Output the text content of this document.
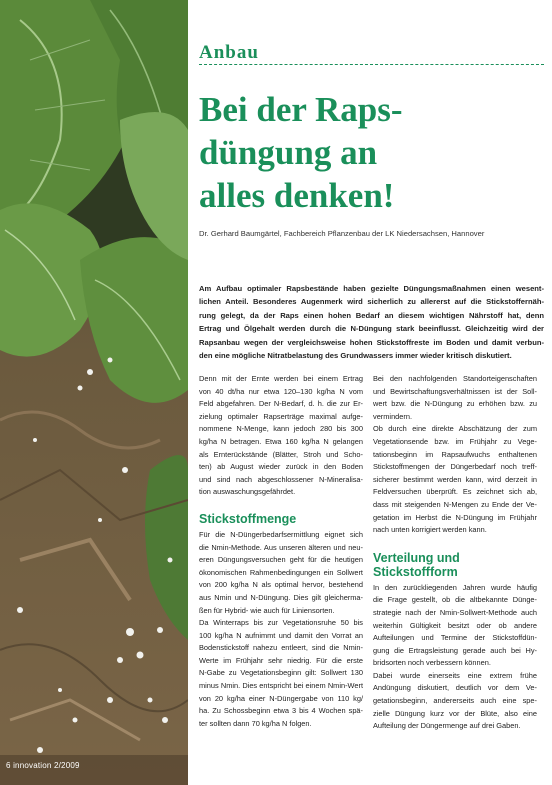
6 innovation 2/2009
Anbau
Bei der Raps-
düngung an
alles denken!

Dr. Gerhard Baumgärtel, Fachbereich Pflanzenbau der LK Niedersachsen, Hannover

Am Aufbau optimaler Rapsbestände haben gezielte Düngungsmaßnahmen einen wesent-
lichen Anteil. Besonderes Augenmerk wird sicherlich zu allererst auf die Stickstoffernäh-
rung gelegt, da der Raps einen hohen Bedarf an diesem wichtigen Nährstoff hat, denn
Ertrag und Ölgehalt werden durch die N-Düngung stark beeinflusst. Gleichzeitig wird der
Rapsanbau wegen der vergleichsweise hohen Stickstoffreste im Boden und damit verbun-
den eine mögliche Nitratbelastung des Grundwassers immer wieder kritisch diskutiert.

Denn mit der Ernte werden bei einem Ertrag
von 40 dt/ha nur etwa 120–130 kg/ha N vom
Feld abgefahren. Der N-Bedarf, d. h. die zur Er-
zielung optimaler Rapserträge maximal aufge-
nommene N-Menge, kann jedoch 280 bis 300
kg/ha N betragen. Etwa 160 kg/ha N gelangen
als Ernterückstände (Blätter, Stroh und Scho-
ten) ab August wieder zurück in den Boden
und sind nach abgeschlossener N-Mineralisa-
tion auswaschungsgefährdet.
Stickstoffmenge
Für die N-Düngerbedarfsermittlung eignet sich
die Nmin-Methode. Aus unseren älteren und neu-
eren Düngungsversuchen geht für die heutigen
ökonomischen Rahmenbedingungen ein Sollwert
von 200 kg/ha N als optimal hervor, bestehend
aus Nmin und N-Düngung. Dies gilt gleicherma-
ßen für Hybrid- wie auch für Liniensorten.
Da Winterraps bis zur Vegetationsruhe 50 bis
100 kg/ha N aufnimmt und damit den Vorrat an
Bodenstickstoff nahezu entleert, sind die Nmin-
Werte im Frühjahr sehr niedrig. Für die erste
N-Gabe zu Vegetationsbeginn gilt: Sollwert 130
minus Nmin. Dies entspricht bei einem Nmin-Wert
von 20 kg/ha einer N-Düngergabe von 110 kg/
ha. Zu Schossbeginn etwa 3 bis 4 Wochen spä-
ter sollten dann 70 kg/ha N folgen.
Bei den nachfolgenden Standorteigenschaften
und Bewirtschaftungsverhältnissen ist der Soll-
wert bzw. die N-Düngung zu erhöhen bzw. zu
vermindern.
Ob durch eine direkte Abschätzung der zum
Vegetationsende bzw. im Frühjahr zu Vege-
tationsbeginn im Rapsaufwuchs enthaltenen
Stickstoffmengen der Düngerbedarf noch treff-
sicherer bestimmt werden kann, wird derzeit in
Feldversuchen überprüft. Es zeichnet sich ab,
dass mit steigenden N-Mengen zu Ende der Ve-
getation im Herbst die N-Düngung im Frühjahr
nach unten korrigiert werden kann.
Verteilung und
Stickstoffform
In den zurückliegenden Jahren wurde häufig
die Frage gestellt, ob die altbekannte Dünge-
strategie nach der Nmin-Sollwert-Methode auch
weiterhin Gültigkeit besitzt oder ob andere
Aufteilungen und Termine der Stickstoffdün-
gung die Ertragsleistung gerade auch bei Hy-
bridsorten noch verbessern können.
Dabei wurde einerseits eine extrem frühe
Andüngung diskutiert, deutlich vor dem Ve-
getationsbeginn, andererseits auch eine spe-
zielle Düngung kurz vor der Blüte, also eine
Aufteilung der Düngermenge auf drei Gaben.
